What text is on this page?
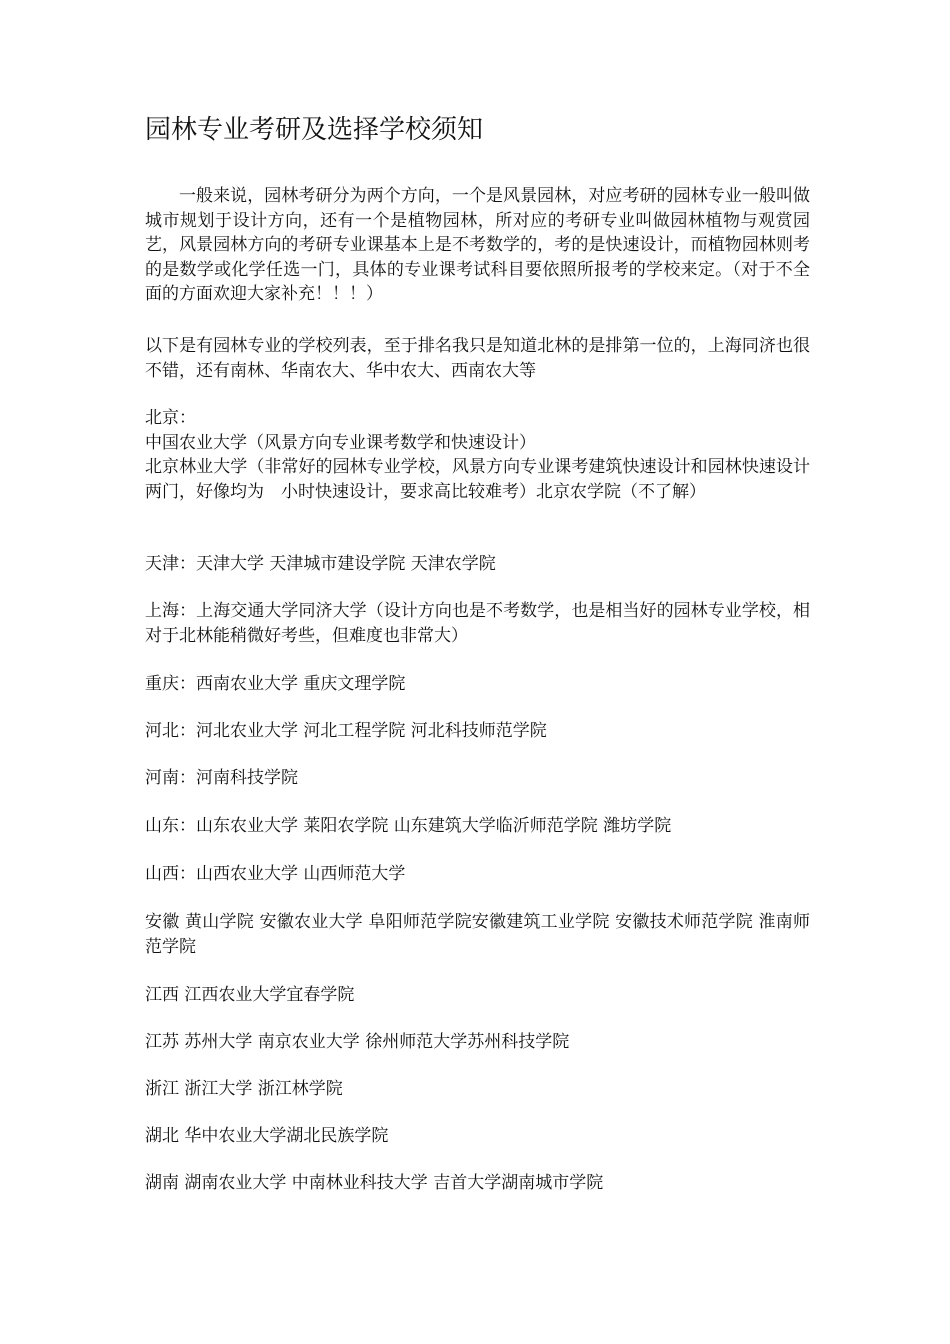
园林专业考研及选择学校须知

一般来说，园林考研分为两个方向，一个是风景园林，对应考研的园林专业一般叫做城市规划于设计方向，还有一个是植物园林，所对应的考研专业叫做园林植物与观赏园艺，风景园林方向的考研专业课基本上是不考数学的，考的是快速设计，而植物园林则考的是数学或化学任选一门，具体的专业课考试科目要依照所报考的学校来定。（对于不全面的方面欢迎大家补充！！！）

以下是有园林专业的学校列表，至于排名我只是知道北林的是排第一位的，上海同济也很不错，还有南林、华南农大、华中农大、西南农大等

北京：
中国农业大学（风景方向专业课考数学和快速设计）
北京林业大学（非常好的园林专业学校，风景方向专业课考建筑快速设计和园林快速设计两门，好像均为　小时快速设计，要求高比较难考）北京农学院（不了解）

天津：天津大学 天津城市建设学院 天津农学院

上海：上海交通大学同济大学（设计方向也是不考数学，也是相当好的园林专业学校，相对于北林能稍微好考些，但难度也非常大）

重庆：西南农业大学 重庆文理学院

河北：河北农业大学 河北工程学院 河北科技师范学院

河南：河南科技学院

山东：山东农业大学 莱阳农学院 山东建筑大学临沂师范学院 潍坊学院

山西：山西农业大学 山西师范大学

安徽 黄山学院 安徽农业大学 阜阳师范学院安徽建筑工业学院 安徽技术师范学院 淮南师范学院

江西 江西农业大学宜春学院

江苏 苏州大学 南京农业大学 徐州师范大学苏州科技学院

浙江 浙江大学 浙江林学院

湖北 华中农业大学湖北民族学院

湖南 湖南农业大学 中南林业科技大学 吉首大学湖南城市学院
